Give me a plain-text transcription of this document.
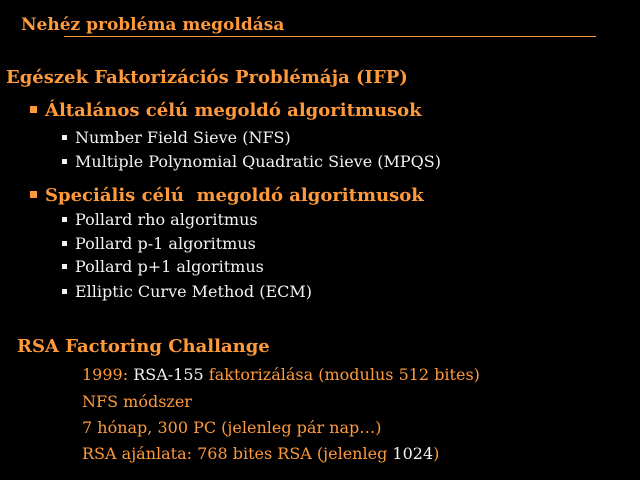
Nehéz probléma megoldása
Egészek Faktorizációs Problémája (IFP)
Általános célú megoldó algoritmusok
Number Field Sieve (NFS)
Multiple Polynomial Quadratic Sieve (MPQS)
Speciális célú  megoldó algoritmusok
Pollard rho algoritmus
Pollard p-1 algoritmus
Pollard p+1 algoritmus
Elliptic Curve Method (ECM)
RSA Factoring Challange
1999: RSA-155 faktorizálása (modulus 512 bites)
NFS módszer
7 hónap, 300 PC (jelenleg pár nap…)
RSA ajánlata: 768 bites RSA (jelenleg 1024)
